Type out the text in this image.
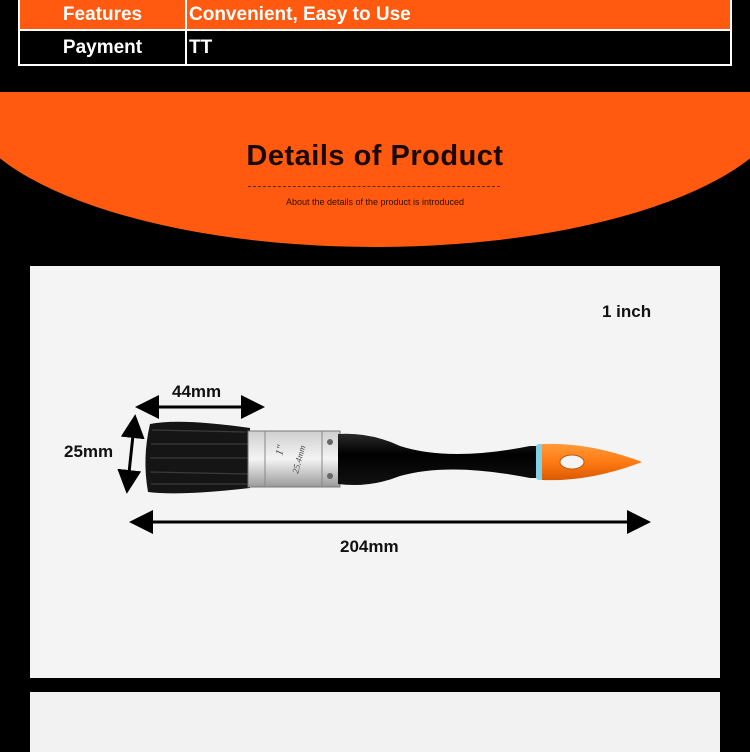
Features	Convenient, Easy to Use
Payment	TT
Details of Product
About the details of the product is introduced
1" 25.4mm
1 inch
44mm
25mm
204mm
